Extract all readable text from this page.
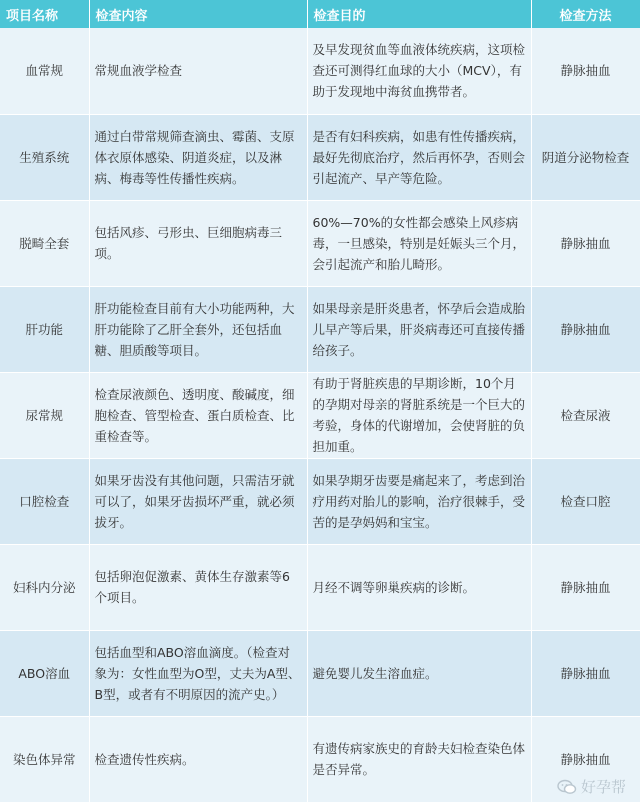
项目名称	检查内容	检查目的	检查方法
血常规	常规血液学检查	及早发现贫血等血液体统疾病，这项检查还可测得红血球的大小（MCV），有助于发现地中海贫血携带者。	静脉抽血
生殖系统	通过白带常规筛查滴虫、霉菌、支原体衣原体感染、阴道炎症，以及淋病、梅毒等性传播性疾病。	是否有妇科疾病，如患有性传播疾病，最好先彻底治疗，然后再怀孕，否则会引起流产、早产等危险。	阴道分泌物检查
脱畸全套	包括风疹、弓形虫、巨细胞病毒三项。	60%—70%的女性都会感染上风疹病毒，一旦感染，特别是妊娠头三个月，会引起流产和胎儿畸形。	静脉抽血
肝功能	肝功能检查目前有大小功能两种，大肝功能除了乙肝全套外，还包括血糖、胆质酸等项目。	如果母亲是肝炎患者，怀孕后会造成胎儿早产等后果，肝炎病毒还可直接传播给孩子。	静脉抽血
尿常规	检查尿液颜色、透明度、酸碱度，细胞检查、管型检查、蛋白质检查、比重检查等。	有助于肾脏疾患的早期诊断，10个月的孕期对母亲的肾脏系统是一个巨大的考验，身体的代谢增加，会使肾脏的负担加重。	检查尿液
口腔检查	如果牙齿没有其他问题，只需洁牙就可以了，如果牙齿损坏严重，就必须拔牙。	如果孕期牙齿要是痛起来了，考虑到治疗用药对胎儿的影响，治疗很棘手，受苦的是孕妈妈和宝宝。	检查口腔
妇科内分泌	包括卵泡促激素、黄体生存激素等6个项目。	月经不调等卵巢疾病的诊断。	静脉抽血
ABO溶血	包括血型和ABO溶血滴度。（检查对象为：女性血型为O型，丈夫为A型、B型，或者有不明原因的流产史。）	避免婴儿发生溶血症。	静脉抽血
染色体异常	检查遗传性疾病。	有遗传病家族史的育龄夫妇检查染色体是否异常。	静脉抽血
好孕帮
